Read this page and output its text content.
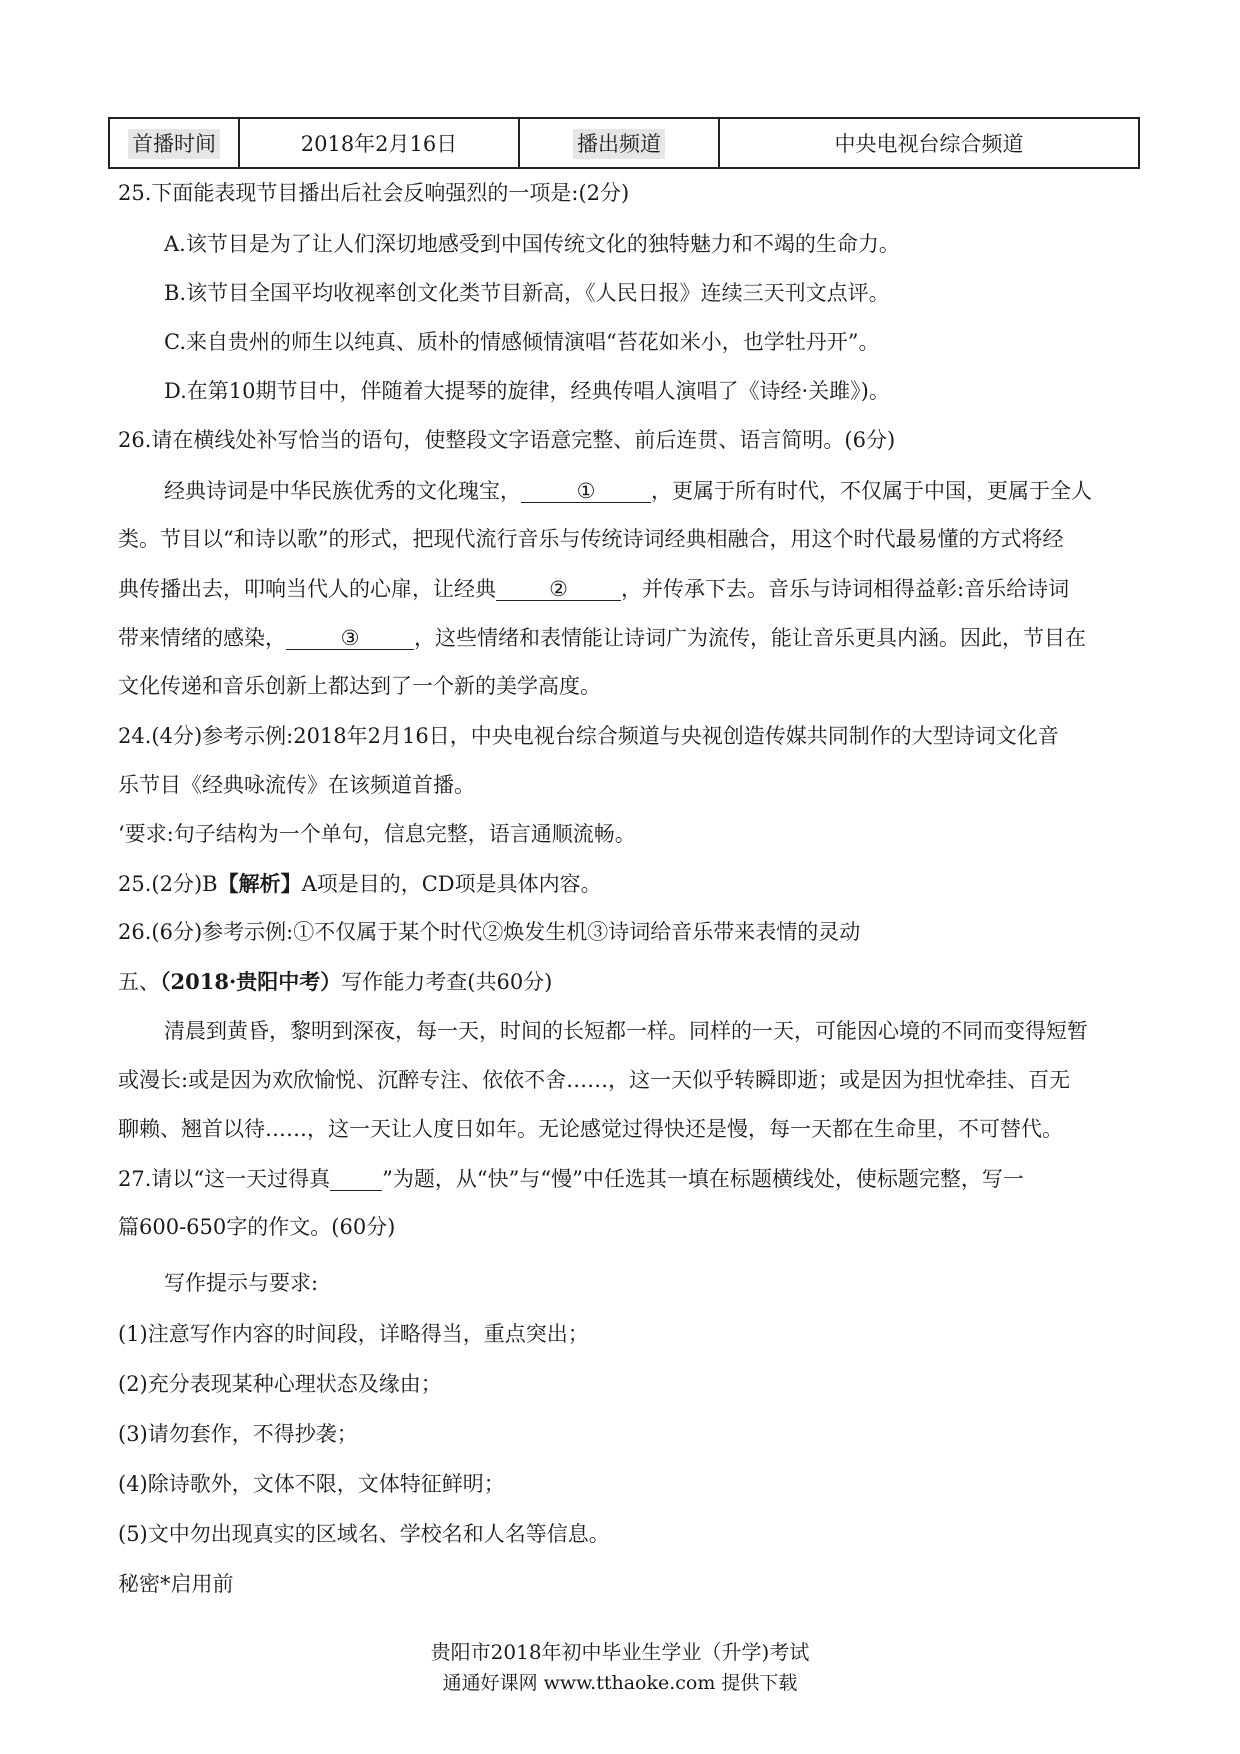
首播时间	2018年2月16日	播出频道	中央电视台综合频道
25.下面能表现节目播出后社会反响强烈的一项是:(2分)
A.该节目是为了让人们深切地感受到中国传统文化的独特魅力和不竭的生命力。
B.该节目全国平均收视率创文化类节目新高，《人民日报》连续三天刊文点评。
C.来自贵州的师生以纯真、质朴的情感倾情演唱“苔花如米小，也学牡丹开”。
D.在第10期节目中，伴随着大提琴的旋律，经典传唱人演唱了《诗经·关雎》)。
26.请在横线处补写恰当的语句，使整段文字语意完整、前后连贯、语言简明。(6分)
经典诗词是中华民族优秀的文化瑰宝，	①	，更属于所有时代，不仅属于中国，更属于全人
类。节目以“和诗以歌”的形式，把现代流行音乐与传统诗词经典相融合，用这个时代最易懂的方式将经
典传播出去，叩响当代人的心扉，让经典	②	，并传承下去。音乐与诗词相得益彰:音乐给诗词
带来情绪的感染，	③	，这些情绪和表情能让诗词广为流传，能让音乐更具内涵。因此，节目在
文化传递和音乐创新上都达到了一个新的美学高度。
24.(4分)参考示例:2018年2月16日，中央电视台综合频道与央视创造传媒共同制作的大型诗词文化音
乐节目《经典咏流传》在该频道首播。
‘要求:句子结构为一个单句，信息完整，语言通顺流畅。
25.(2分)B【解析】A项是目的，CD项是具体内容。
26.(6分)参考示例:①不仅属于某个时代②焕发生机③诗词给音乐带来表情的灵动
五、（2018·贵阳中考）写作能力考查(共60分)
清晨到黄昏，黎明到深夜，每一天，时间的长短都一样。同样的一天，可能因心境的不同而变得短暂
或漫长:或是因为欢欣愉悦、沉醉专注、依依不舍……，这一天似乎转瞬即逝；或是因为担忧牵挂、百无
聊赖、翘首以待……，这一天让人度日如年。无论感觉过得快还是慢，每一天都在生命里，不可替代。
27.请以“这一天过得真 ”为题，从“快”与“慢”中任选其一填在标题横线处，使标题完整，写一
篇600-650字的作文。(60分)
写作提示与要求:
(1)注意写作内容的时间段，详略得当，重点突出；
(2)充分表现某种心理状态及缘由；
(3)请勿套作，不得抄袭；
(4)除诗歌外，文体不限，文体特征鲜明；
(5)文中勿出现真实的区域名、学校名和人名等信息。
秘密*启用前
贵阳市2018年初中毕业生学业（升学)考试
通通好课网 www.tthaoke.com 提供下载
